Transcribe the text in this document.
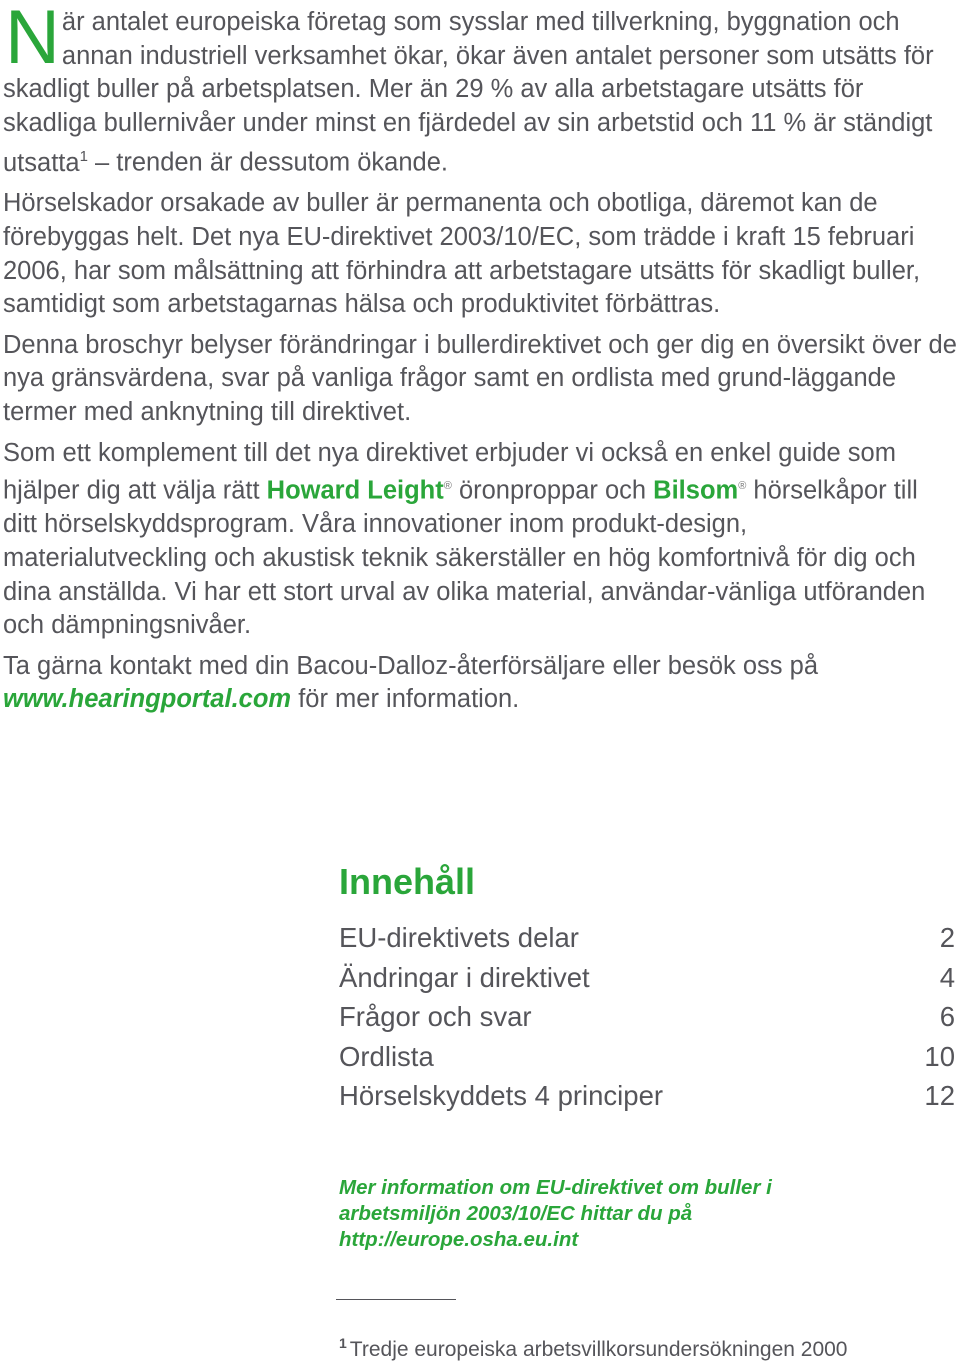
När antalet europeiska företag som sysslar med tillverkning, byggnation och annan industriell verksamhet ökar, ökar även antalet personer som utsätts för skadligt buller på arbetsplatsen. Mer än 29 % av alla arbetstagare utsätts för skadliga bullernivåer under minst en fjärdedel av sin arbetstid och 11 % är ständigt utsatta$^1$ – trenden är dessutom ökande.

Hörselskador orsakade av buller är permanenta och obotliga, däremot kan de förebyggas helt. Det nya EU-direktivet 2003/10/EC, som trädde i kraft 15 februari 2006, har som målsättning att förhindra att arbetstagare utsätts för skadligt buller, samtidigt som arbetstagarnas hälsa och produktivitet förbättras.

Denna broschyr belyser förändringar i bullerdirektivet och ger dig en översikt över de nya gränsvärdena, svar på vanliga frågor samt en ordlista med grund-läggande termer med anknytning till direktivet.

Som ett komplement till det nya direktivet erbjuder vi också en enkel guide som hjälper dig att välja rätt Howard Leight® öronproppar och Bilsom® hörselkåpor till ditt hörselskyddsprogram. Våra innovationer inom produkt-design, materialutveckling och akustisk teknik säkerställer en hög komfortnivå för dig och dina anställda. Vi har ett stort urval av olika material, användar-vänliga utföranden och dämpningsnivåer.

Ta gärna kontakt med din Bacou-Dalloz-återförsäljare eller besök oss på www.hearingportal.com för mer information.

Innehåll
EU-direktivets delar	2
Ändringar i direktivet	4
Frågor och svar	6
Ordlista	10
Hörselskyddets 4 principer	12
Mer information om EU-direktivet om buller i
arbetsmiljön 2003/10/EC hittar du på
http://europe.osha.eu.int
$^1$ Tredje europeiska arbetsvillkorsundersökningen 2000
